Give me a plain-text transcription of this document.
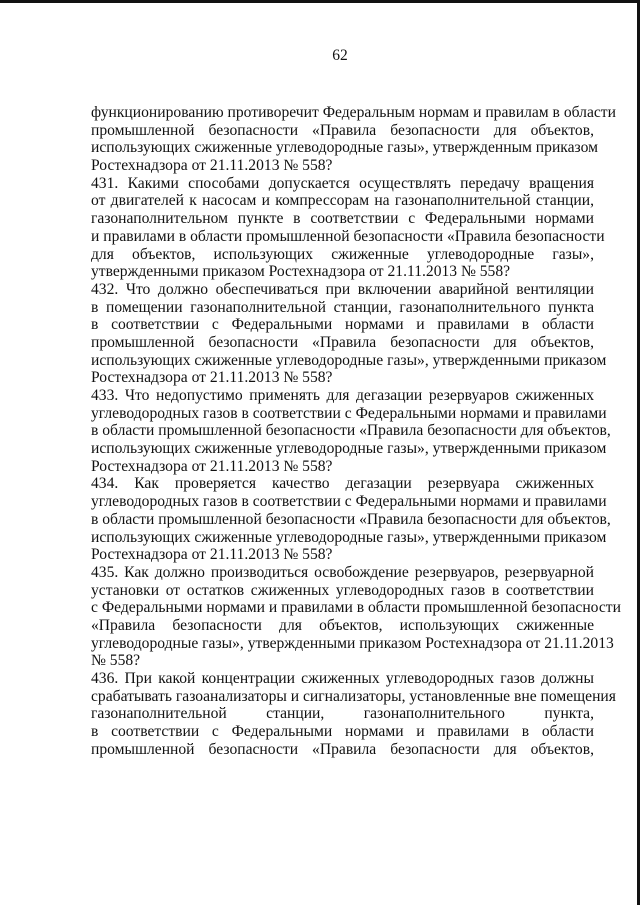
62
функционированию противоречит Федеральным нормам и правилам в области
промышленной безопасности «Правила безопасности для объектов,
использующих сжиженные углеводородные газы», утвержденным приказом
Ростехнадзора от 21.11.2013 № 558?
431. Какими способами допускается осуществлять передачу вращения
от двигателей к насосам и компрессорам на газонаполнительной станции,
газонаполнительном пункте в соответствии с Федеральными нормами
и правилами в области промышленной безопасности «Правила безопасности
для объектов, использующих сжиженные углеводородные газы»,
утвержденными приказом Ростехнадзора от 21.11.2013 № 558?
432. Что должно обеспечиваться при включении аварийной вентиляции
в помещении газонаполнительной станции, газонаполнительного пункта
в соответствии с Федеральными нормами и правилами в области
промышленной безопасности «Правила безопасности для объектов,
использующих сжиженные углеводородные газы», утвержденными приказом
Ростехнадзора от 21.11.2013 № 558?
433. Что недопустимо применять для дегазации резервуаров сжиженных
углеводородных газов в соответствии с Федеральными нормами и правилами
в области промышленной безопасности «Правила безопасности для объектов,
использующих сжиженные углеводородные газы», утвержденными приказом
Ростехнадзора от 21.11.2013 № 558?
434. Как проверяется качество дегазации резервуара сжиженных
углеводородных газов в соответствии с Федеральными нормами и правилами
в области промышленной безопасности «Правила безопасности для объектов,
использующих сжиженные углеводородные газы», утвержденными приказом
Ростехнадзора от 21.11.2013 № 558?
435. Как должно производиться освобождение резервуаров, резервуарной
установки от остатков сжиженных углеводородных газов в соответствии
с Федеральными нормами и правилами в области промышленной безопасности
«Правила безопасности для объектов, использующих сжиженные
углеводородные газы», утвержденными приказом Ростехнадзора от 21.11.2013
№ 558?
436. При какой концентрации сжиженных углеводородных газов должны
срабатывать газоанализаторы и сигнализаторы, установленные вне помещения
газонаполнительной станции, газонаполнительного пункта,
в соответствии с Федеральными нормами и правилами в области
промышленной безопасности «Правила безопасности для объектов,
